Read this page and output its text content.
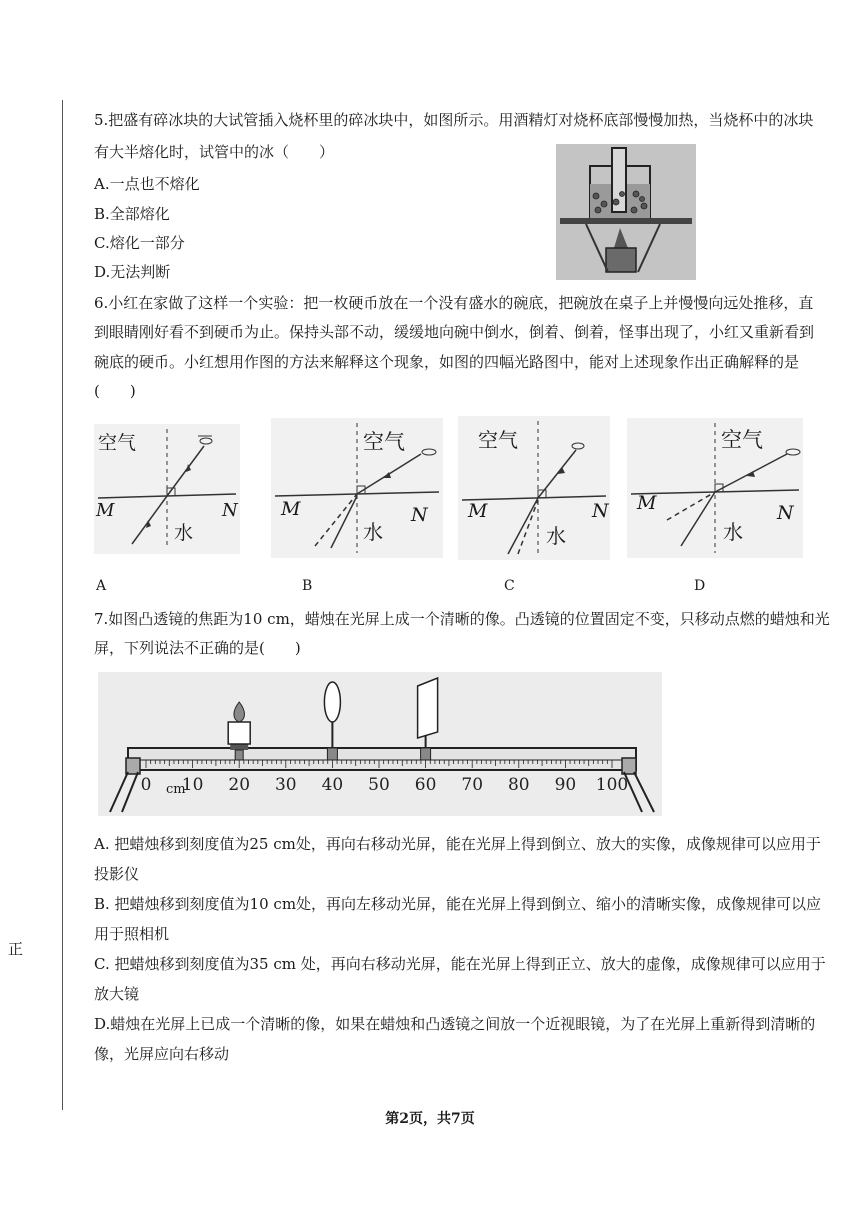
正
5.把盛有碎冰块的大试管插入烧杯里的碎冰块中，如图所示。用酒精灯对烧杯底部慢慢加热，当烧杯中的冰块
有大半熔化时，试管中的冰（　　）
A.一点也不熔化
B.全部熔化
C.熔化一部分
D.无法判断
6.小红在家做了这样一个实验：把一枚硬币放在一个没有盛水的碗底，把碗放在桌子上并慢慢向远处推移，直
到眼睛刚好看不到硬币为止。保持头部不动，缓缓地向碗中倒水，倒着、倒着，怪事出现了，小红又重新看到
碗底的硬币。小红想用作图的方法来解释这个现象，如图的四幅光路图中，能对上述现象作出正确解释的是
(　　)
空气
水
M	N
A
空气
水
M	N
B
空气
水
M	N
C
空气
水
M	N
D
7.如图凸透镜的焦距为10 cm，蜡烛在光屏上成一个清晰的像。凸透镜的位置固定不变，只移动点燃的蜡烛和光
屏，下列说法不正确的是(　　)
0 10 20 30 40 50 60 70 80 90 100
cm
A. 把蜡烛移到刻度值为25 cm处，再向右移动光屏，能在光屏上得到倒立、放大的实像，成像规律可以应用于
投影仪
B. 把蜡烛移到刻度值为10 cm处，再向左移动光屏，能在光屏上得到倒立、缩小的清晰实像，成像规律可以应
用于照相机
C. 把蜡烛移到刻度值为35 cm 处，再向右移动光屏，能在光屏上得到正立、放大的虚像，成像规律可以应用于
放大镜
D.蜡烛在光屏上已成一个清晰的像，如果在蜡烛和凸透镜之间放一个近视眼镜，为了在光屏上重新得到清晰的
像，光屏应向右移动
第2页，共7页
